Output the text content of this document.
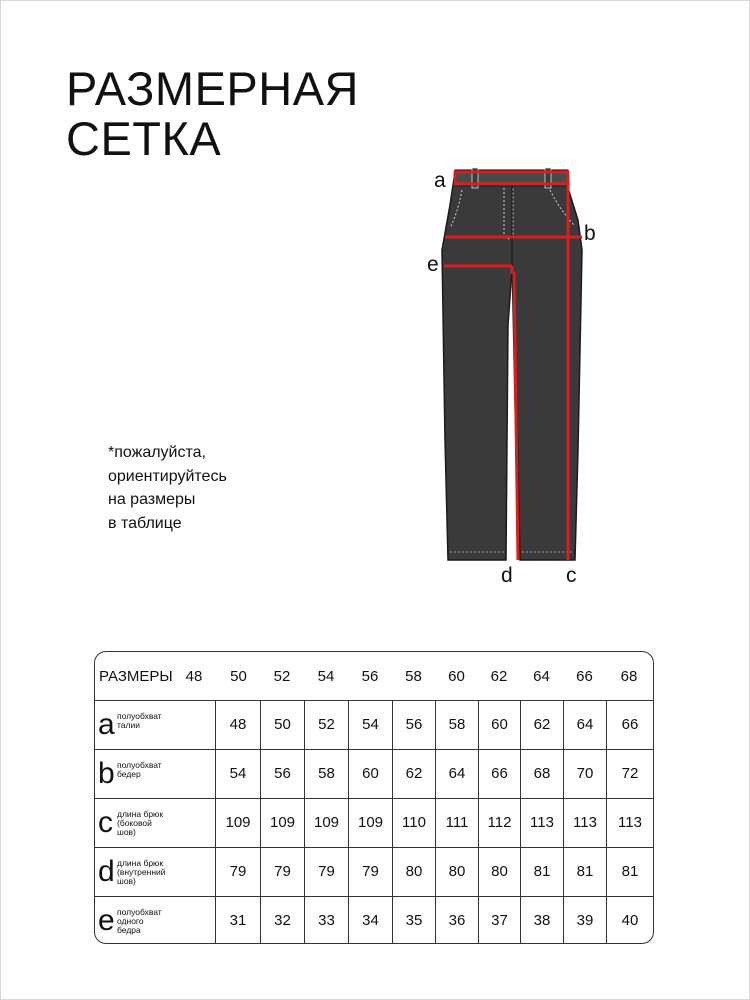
РАЗМЕРНАЯ
СЕТКА
*пожалуйста,
ориентируйтесь
на размеры
в таблице
a
b
e
d	c
РАЗМЕРЫ 48	50	52	54	56	58	60	62	64	66	68
a полуобхват
талии	48	50	52	54	56	58	60	62	64	66
b полуобхват
бедер	54	56	58	60	62	64	66	68	70	72
c длина брюк
(боковой
шов)
109	109	109	109	110	111	112	113	113	113
d длина брюк
(внутренний
шов)
79	79	79	79	80	80	80	81	81	81
e полуобхват
одного
бедра
31	32	33	34	35	36	37	38	39	40
